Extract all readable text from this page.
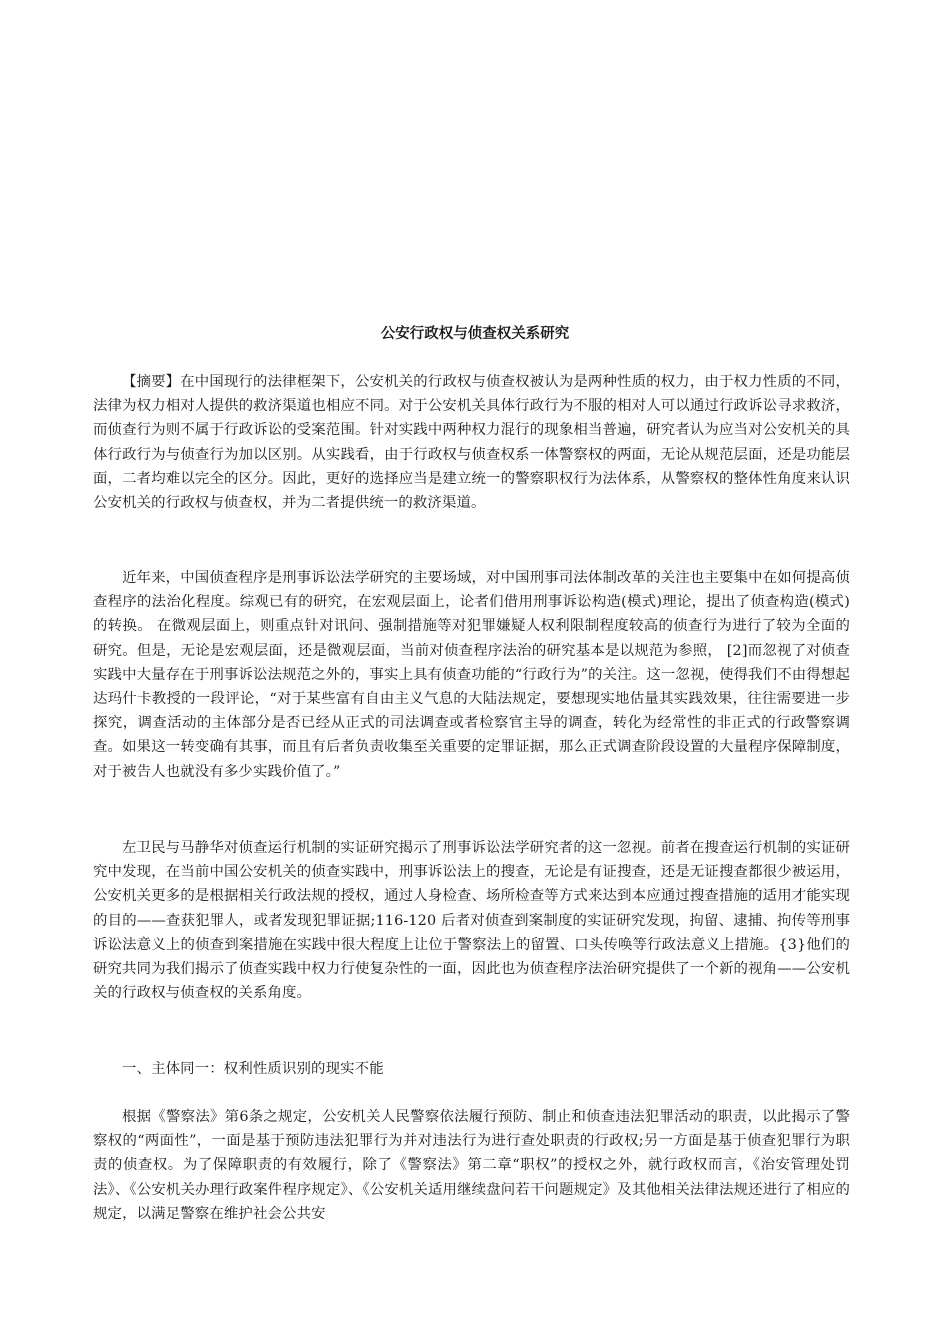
公安行政权与侦查权关系研究

【摘要】在中国现行的法律框架下，公安机关的行政权与侦查权被认为是两种性质的权力，由于权力性质的不同，法律为权力相对人提供的救济渠道也相应不同。对于公安机关具体行政行为不服的相对人可以通过行政诉讼寻求救济，而侦查行为则不属于行政诉讼的受案范围。针对实践中两种权力混行的现象相当普遍，研究者认为应当对公安机关的具体行政行为与侦查行为加以区别。从实践看，由于行政权与侦查权系一体警察权的两面，无论从规范层面，还是功能层面，二者均难以完全的区分。因此，更好的选择应当是建立统一的警察职权行为法体系，从警察权的整体性角度来认识公安机关的行政权与侦查权，并为二者提供统一的救济渠道。

近年来，中国侦查程序是刑事诉讼法学研究的主要场域，对中国刑事司法体制改革的关注也主要集中在如何提高侦查程序的法治化程度。综观已有的研究，在宏观层面上，论者们借用刑事诉讼构造(模式)理论，提出了侦查构造(模式)的转换。 在微观层面上，则重点针对讯问、强制措施等对犯罪嫌疑人权利限制程度较高的侦查行为进行了较为全面的研究。但是，无论是宏观层面，还是微观层面，当前对侦查程序法治的研究基本是以规范为参照， [2]而忽视了对侦查实践中大量存在于刑事诉讼法规范之外的，事实上具有侦查功能的“行政行为”的关注。这一忽视，使得我们不由得想起达玛什卡教授的一段评论，“对于某些富有自由主义气息的大陆法规定，要想现实地估量其实践效果，往往需要进一步探究，调查活动的主体部分是否已经从正式的司法调查或者检察官主导的调查，转化为经常性的非正式的行政警察调查。如果这一转变确有其事，而且有后者负责收集至关重要的定罪证据，那么正式调查阶段设置的大量程序保障制度，对于被告人也就没有多少实践价值了。”

左卫民与马静华对侦查运行机制的实证研究揭示了刑事诉讼法学研究者的这一忽视。前者在搜查运行机制的实证研究中发现，在当前中国公安机关的侦查实践中，刑事诉讼法上的搜查，无论是有证搜查，还是无证搜查都很少被运用，公安机关更多的是根据相关行政法规的授权，通过人身检查、场所检查等方式来达到本应通过搜查措施的适用才能实现的目的——查获犯罪人，或者发现犯罪证据;116-120 后者对侦查到案制度的实证研究发现，拘留、逮捕、拘传等刑事诉讼法意义上的侦查到案措施在实践中很大程度上让位于警察法上的留置、口头传唤等行政法意义上措施。{3}他们的研究共同为我们揭示了侦查实践中权力行使复杂性的一面，因此也为侦查程序法治研究提供了一个新的视角——公安机关的行政权与侦查权的关系角度。

一、主体同一：权利性质识别的现实不能

根据《警察法》第6条之规定，公安机关人民警察依法履行预防、制止和侦查违法犯罪活动的职责，以此揭示了警察权的“两面性”，一面是基于预防违法犯罪行为并对违法行为进行查处职责的行政权;另一方面是基于侦查犯罪行为职责的侦查权。为了保障职责的有效履行，除了《警察法》第二章“职权”的授权之外，就行政权而言，《治安管理处罚法》、《公安机关办理行政案件程序规定》、《公安机关适用继续盘问若干问题规定》及其他相关法律法规还进行了相应的规定，以满足警察在维护社会公共安
